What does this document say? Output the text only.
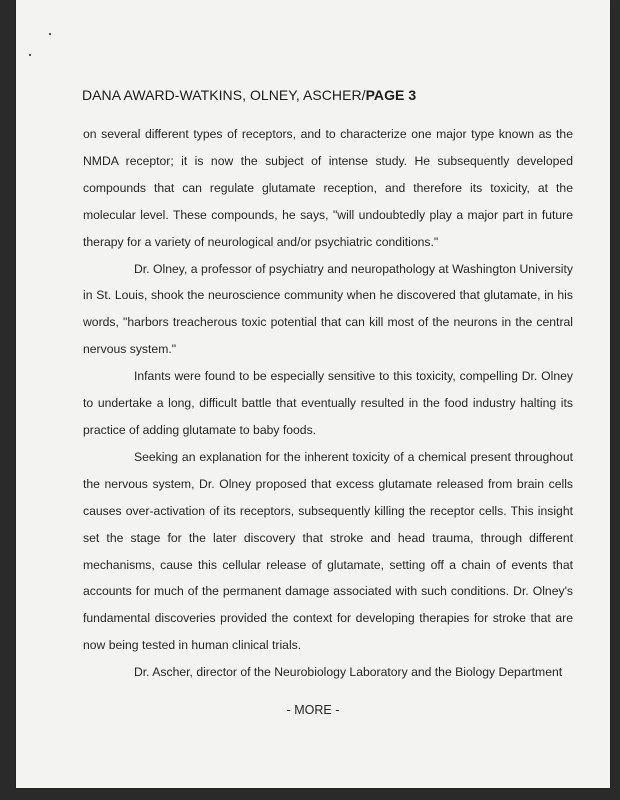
DANA AWARD-WATKINS, OLNEY, ASCHER/PAGE 3

on several different types of receptors, and to characterize one major type known as the NMDA receptor; it is now the subject of intense study. He subsequently developed compounds that can regulate glutamate reception, and therefore its toxicity, at the molecular level. These compounds, he says, "will undoubtedly play a major part in future therapy for a variety of neurological and/or psychiatric conditions."

Dr. Olney, a professor of psychiatry and neuropathology at Washington University in St. Louis, shook the neuroscience community when he discovered that glutamate, in his words, "harbors treacherous toxic potential that can kill most of the neurons in the central nervous system."

Infants were found to be especially sensitive to this toxicity, compelling Dr. Olney to undertake a long, difficult battle that eventually resulted in the food industry halting its practice of adding glutamate to baby foods.

Seeking an explanation for the inherent toxicity of a chemical present throughout the nervous system, Dr. Olney proposed that excess glutamate released from brain cells causes over-activation of its receptors, subsequently killing the receptor cells. This insight set the stage for the later discovery that stroke and head trauma, through different mechanisms, cause this cellular release of glutamate, setting off a chain of events that accounts for much of the permanent damage associated with such conditions. Dr. Olney's fundamental discoveries provided the context for developing therapies for stroke that are now being tested in human clinical trials.

Dr. Ascher, director of the Neurobiology Laboratory and the Biology Department

- MORE -
